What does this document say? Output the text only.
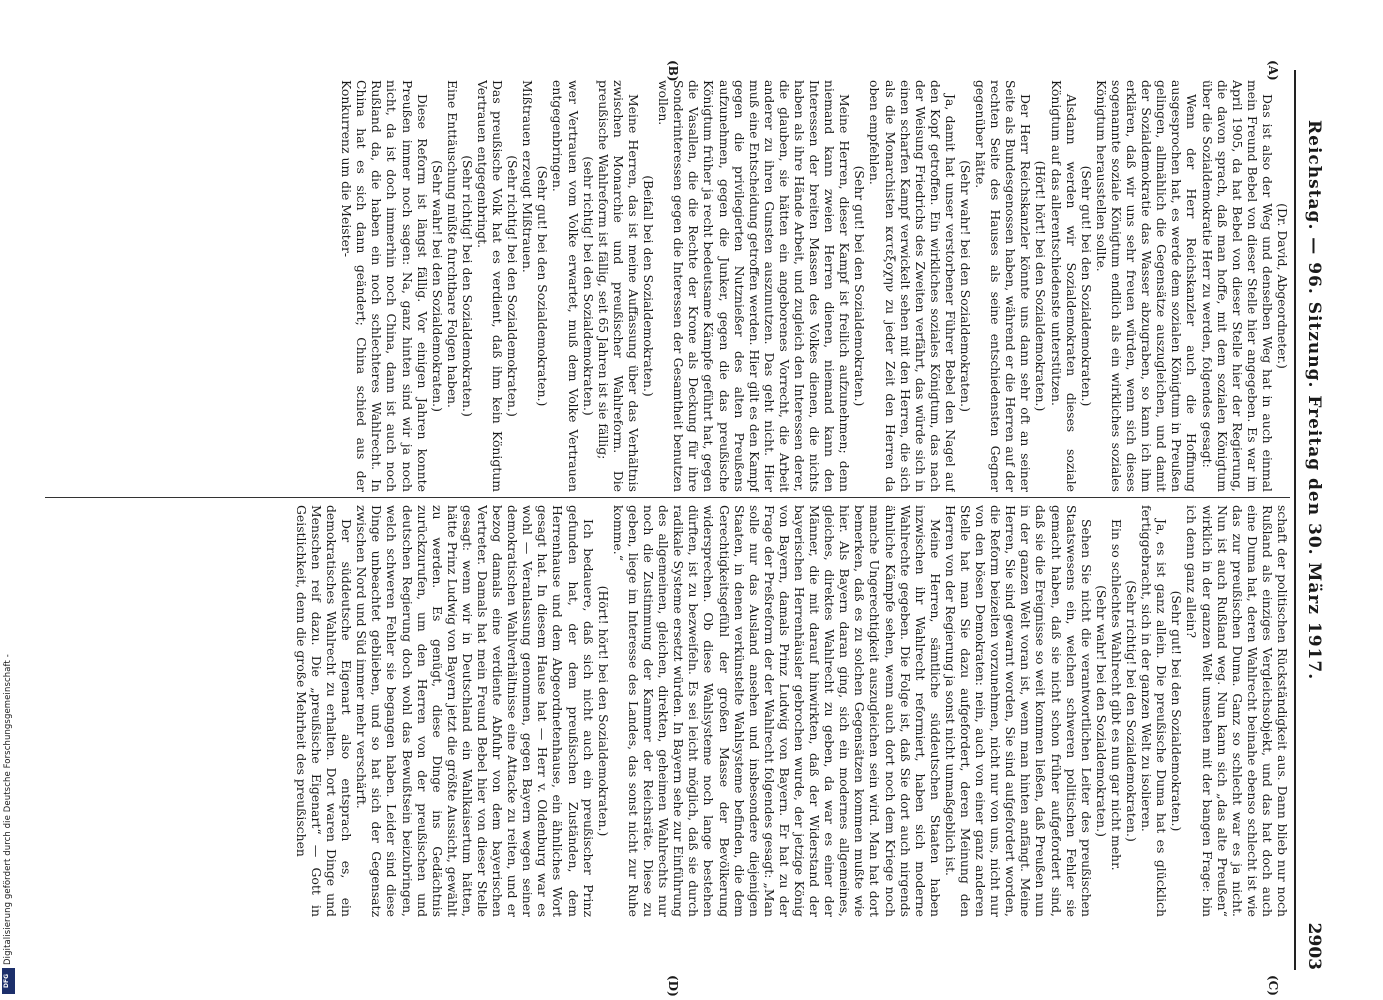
Digitalisierung gefördert durch die Deutsche Forschungsgemeinschaft -
DFG
Reichstag. — 96. Sitzung. Freitag den 30. März 1917.
2903
(A)
(B)
(C)
(D)

(Dr. David, Abgeordneter.)

Das ist also der Weg und denselben Weg hat in auch einmal mein Freund Bebel von dieser Stelle hier angegeben. Es war im April 1905, da hat Bebel von dieser Stelle hier der Regierung, die davon sprach, daß man hoffe, mit dem sozialen Königtum über die Sozialdemokratie Herr zu werden, folgendes gesagt:

Wenn der Herr Reichskanzler auch die Hoffnung ausgesprochen hat, es werde dem sozialen Königtum in Preußen gelingen, allmählich die Gegensätze auszugleichen, und damit der Sozialdemokratie das Wasser abzugraben, so kann ich ihm erklären, daß wir uns sehr freuen würden, wenn sich dieses sogenannte soziale Königtum endlich als ein wirkliches soziales Königtum herausstellen sollte.

(Sehr gut! bei den Sozialdemokraten.)

Alsdann werden wir Sozialdemokraten dieses soziale Königtum auf das allerentschiedenste unterstützen.

(Hört! hört! bei den Sozialdemokraten.)

Der Herr Reichskanzler könnte uns dann sehr oft an seiner Seite als Bundesgenossen haben, während er die Herren auf der rechten Seite des Hauses als seine entschiedensten Gegner gegenüber hätte.

(Sehr wahr! bei den Sozialdemokraten.)

Ja, damit hat unser verstorbener Führer Bebel den Nagel auf den Kopf getroffen. Ein wirkliches soziales Königtum, das nach der Weisung Friedrichs des Zweiten verfährt, das würde sich in einen scharfen Kampf verwickelt sehen mit den Herren, die sich als die Monarchisten κατεξοχην zu jeder Zeit den Herren da oben empfehlen.

(Sehr gut! bei den Sozialdemokraten.)

Meine Herren, dieser Kampf ist freilich aufzunehmen; denn niemand kann zweien Herren dienen, niemand kann den Interessen der breiten Massen des Volkes dienen, die nichts haben als ihre Hände Arbeit, und zugleich den Interessen derer, die glauben, sie hätten ein angeborenes Vorrecht, die Arbeit anderer zu ihren Gunsten auszunutzen. Das geht nicht. Hier muß eine Entscheidung getroffen werden. Hier gilt es den Kampf gegen die privilegierten Nutznießer des alten Preußens aufzunehmen, gegen die Junker, gegen die das preußische Königtum früher ja recht bedeutsame Kämpfe geführt hat, gegen die Vasallen, die die Rechte der Krone als Deckung für ihre Sonderinteressen gegen die Interessen der Gesamtheit benutzen wollen.

(Beifall bei den Sozialdemokraten.)

Meine Herren, das ist meine Auffassung über das Verhältnis zwischen Monarchie und preußischer Wahlreform. Die preußische Wahlreform ist fällig, seit 65 Jahren ist sie fällig;

(sehr richtig! bei den Sozialdemokraten.)

wer Vertrauen vom Volke erwartet, muß dem Volke Vertrauen entgegenbringen.

(Sehr gut! bei den Sozialdemokraten.)

Mißtrauen erzeugt Mißtrauen.

(Sehr richtig! bei den Sozialdemokraten.)

Das preußische Volk hat es verdient, daß ihm kein Königtum Vertrauen entgegenbringt.

(Sehr richtig! bei den Sozialdemokraten.)

Eine Enttäuschung müßte furchtbare Folgen haben.

(Sehr wahr! bei den Sozialdemokraten.)

Diese Reform ist längst fällig. Vor einigen Jahren konnte Preußen immer noch sagen: Na, ganz hinten sind wir ja noch nicht, da ist doch immerhin noch China, dann ist auch noch Rußland da, die haben ein noch schlechteres Wahlrecht. In China hat es sich dann geändert; China schied aus der Konkurrenz um die Meister-

schaft der politischen Rückständigkeit aus. Dann blieb nur noch Rußland als einziges Vergleichsobjekt, und das hat doch auch eine Duma hat, deren Wahlrecht beinahe ebenso schlecht ist wie das zur preußischen Duma. Ganz so schlecht war es ja nicht. Nun ist auch Rußland weg. Nun kann sich „das alte Preußen“ wirklich in der ganzen Welt umsehen mit der bangen Frage: bin ich denn ganz allein?

(Sehr gut! bei den Sozialdemokraten.)

Ja, es ist ganz allein. Die preußische Duma hat es glücklich fertiggebracht, sich in der ganzen Welt zu isolieren.

(Sehr richtig! bei den Sozialdemokraten.)

Ein so schlechtes Wahlrecht gibt es nun gar nicht mehr.

(Sehr wahr! bei den Sozialdemokraten.)

Sehen Sie nicht die verantwortlichen Leiter des preußischen Staatswesens ein, welchen schweren politischen Fehler sie gemacht haben, daß sie nicht schon früher aufgefordert sind, daß sie die Ereignisse so weit kommen ließen, daß Preußen nun in der ganzen Welt voran ist, wenn man hinten anfängt. Meine Herren, Sie sind gewarnt worden, Sie sind aufgefordert worden, die Reform beizeiten vorzunehmen, nicht nur von uns, nicht nur von den bösen Demokraten: nein, auch von einer ganz anderen Stelle hat man Sie dazu aufgefordert, deren Meinung den Herren von der Regierung ja sonst nicht unmaßgeblich ist.

Meine Herren, sämtliche süddeutschen Staaten haben inzwischen ihr Wahlrecht reformiert, haben sich moderne Wahlrechte gegeben. Die Folge ist, daß Sie dort auch nirgends ähnliche Kämpfe sehen, wenn auch dort noch dem Kriege noch manche Ungerechtigkeit auszugleichen sein wird. Man hat dort bemerken, daß es zu solchen Gegensätzen kommen mußte wie hier. Als Bayern daran ging, sich ein modernes allgemeines, gleiches, direktes Wahlrecht zu geben, da war es einer der Männer, die mit darauf hinwirkten, daß der Widerstand der bayerischen Herrenhäusler gebrochen wurde, der jetzige König von Bayern, damals Prinz Ludwig von Bayern. Er hat zu der Frage der Preßreform der der Wahlrecht folgendes gesagt: „Man solle nur das Ausland ansehen und insbesondere diejenigen Staaten, in denen verkünstelte Wahlsysteme befinden, die dem Gerechtigkeitsgefühl der großen Masse der Bevölkerung widersprechen. Ob diese Wahlsysteme noch lange bestehen dürften, ist zu bezweifeln. Es sei leicht möglich, daß sie durch radikale Systeme ersetzt würden. In Bayern sehe zur Einführung des allgemeinen, gleichen, direkten, geheimen Wahlrechts nur noch die Zustimmung der Kammer der Reichsräte. Diese zu geben, liege im Interesse des Landes, das sonst nicht zur Ruhe komme.“

(Hört! hört! bei den Sozialdemokraten.)

Ich bedauere, daß sich nicht auch ein preußischer Prinz gefunden hat, der dem preußischen Zuständen, dem Herrenhause und dem Abgeordnetenhause, ein ähnliches Wort gesagt hat. In diesem Hause hat — Herr v. Oldenburg war es wohl — Veranlassung genommen, gegen Bayern wegen seiner demokratischen Wahlverhältnisse eine Attacke zu reiten, und er bezog damals eine verdiente Abfuhr von dem bayerischen Vertreter. Damals hat mein Freund Bebel hier von dieser Stelle gesagt: wenn wir in Deutschland ein Wahlkaisertum hätten, hätte Prinz Ludwig von Bayern jetzt die größte Aussicht, gewählt zu werden. Es genügt, diese Dinge ins Gedächtnis zurückzurufen, um den Herren von der preußischen und deutschen Regierung doch wohl das Bewußtsein beizubringen, welch schweren Fehler sie begangen haben. Leider sind diese Dinge unbeachtet geblieben, und so hat sich der Gegensatz zwischen Nord und Süd immer mehr verschärft.

Der süddeutsche Eigenart also entsprach es, ein demokratisches Wahlrecht zu erhalten. Dort waren Dinge und Menschen reif dazu. Die „preußische Eigenart“ — Gott in Geistlichkeit, denn die große Mehrheit des preußischen
